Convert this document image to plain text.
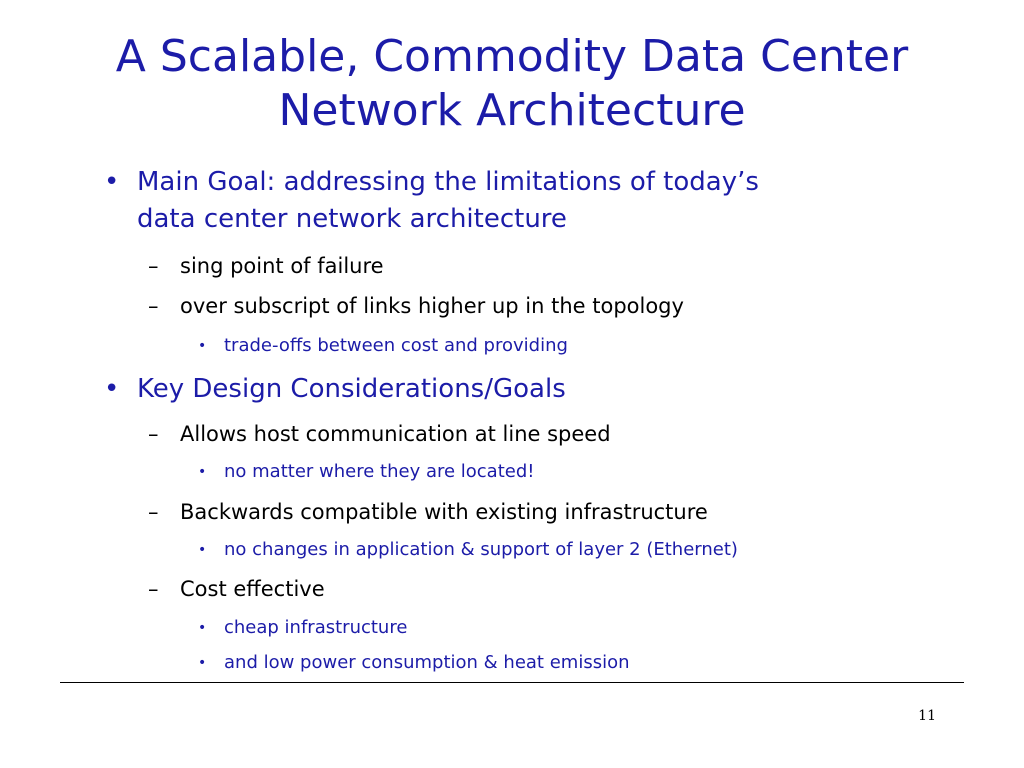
A Scalable, Commodity Data Center
Network Architecture
• Main Goal: addressing the limitations of today’s
data center network architecture
– sing point of failure
– over subscript of links higher up in the topology
• trade-offs between cost and providing
• Key Design Considerations/Goals
– Allows host communication at line speed
• no matter where they are located!
– Backwards compatible with existing infrastructure
• no changes in application & support of layer 2 (Ethernet)
– Cost effective
• cheap infrastructure
• and low power consumption & heat emission
11
